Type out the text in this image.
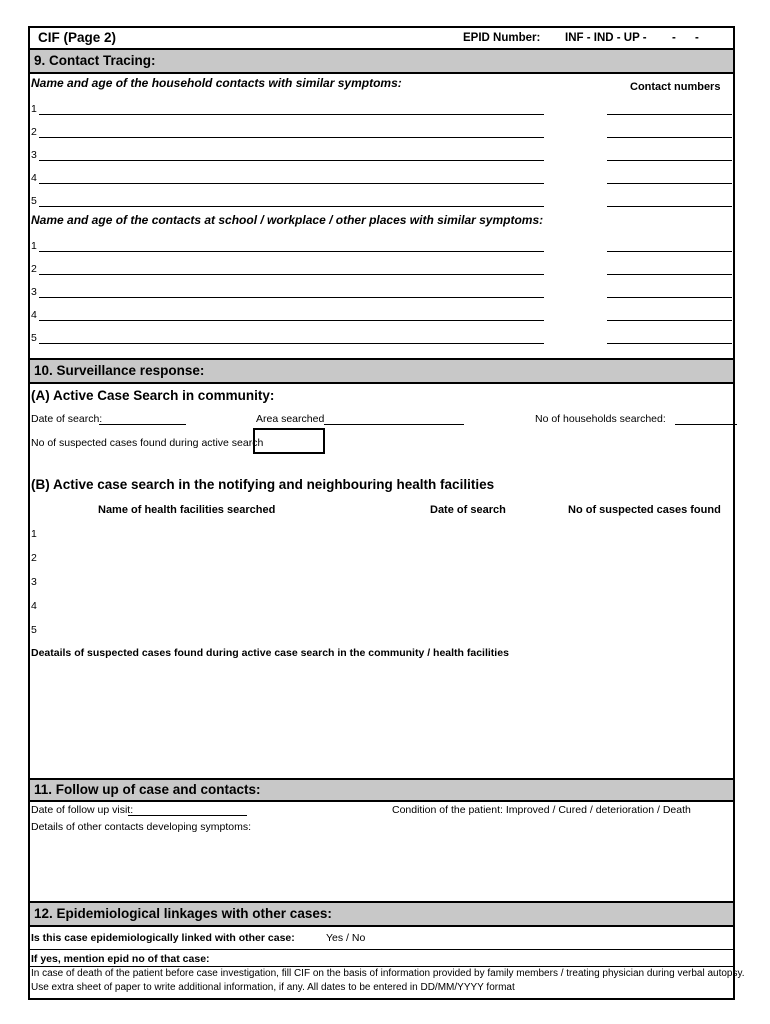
CIF (Page 2)	EPID Number: INF - IND - UP - - -
9. Contact Tracing:
Name and age of the household contacts with similar symptoms:	Contact numbers
1
2
3
4
5
Name and age of the contacts at school / workplace / other places with similar symptoms:
1
2
3
4
5
10. Surveillance response:
(A) Active Case Search in community:
Date of search:	Area searched	No of households searched:
No of suspected cases found during active search
(B) Active case search in the notifying and neighbouring health facilities
Name of health facilities searched	Date of search	No of suspected cases found
1
2
3
4
5
Deatails of suspected cases found during active case search in the community / health facilities
11. Follow up of case and contacts:
Date of follow up visit:	Condition of the patient: Improved / Cured / deterioration / Death
Details of other contacts developing symptoms:
12. Epidemiological linkages with other cases:
Is this case epidemiologically linked with other case:	Yes / No
If yes, mention epid no of that case:
In case of death of the patient before case investigation, fill CIF on the basis of information provided by family members / treating physician during verbal autopsy.
Use extra sheet of paper to write additional information, if any. All dates to be entered in DD/MM/YYYY format
